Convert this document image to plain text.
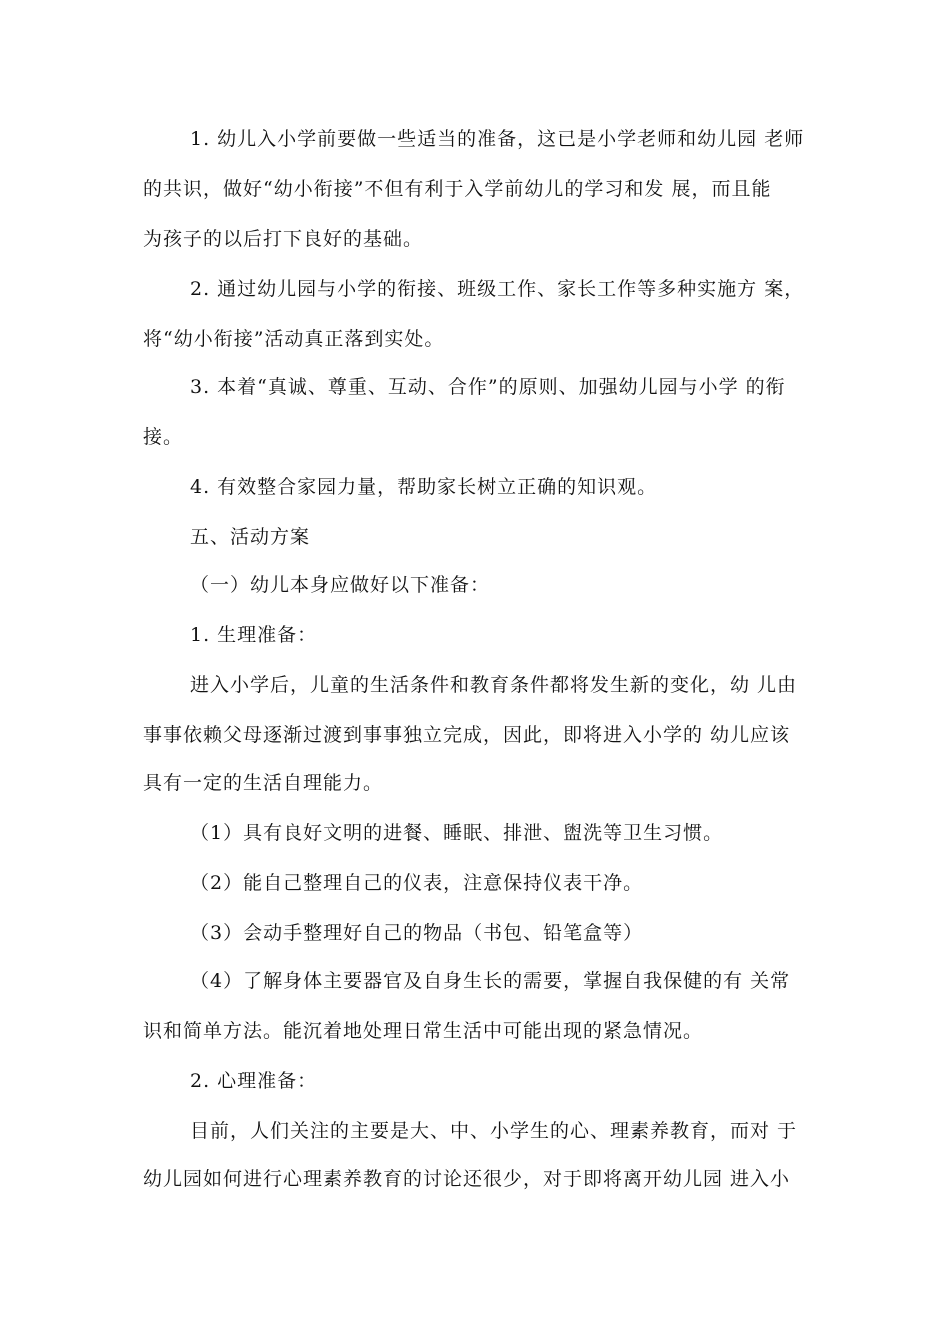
1. 幼儿入小学前要做一些适当的准备，这已是小学老师和幼儿园 老师
的共识，做好“幼小衔接”不但有利于入学前幼儿的学习和发 展，而且能
为孩子的以后打下良好的基础。
2. 通过幼儿园与小学的衔接、班级工作、家长工作等多种实施方 案，
将“幼小衔接”活动真正落到实处。
3. 本着“真诚、尊重、互动、合作”的原则、加强幼儿园与小学 的衔
接。
4. 有效整合家园力量，帮助家长树立正确的知识观。
五、活动方案
（一）幼儿本身应做好以下准备：
1. 生理准备：
进入小学后，儿童的生活条件和教育条件都将发生新的变化，幼 儿由
事事依赖父母逐渐过渡到事事独立完成，因此，即将进入小学的 幼儿应该
具有一定的生活自理能力。
（1）具有良好文明的进餐、睡眠、排泄、盥洗等卫生习惯。
（2）能自己整理自己的仪表，注意保持仪表干净。
（3）会动手整理好自己的物品（书包、铅笔盒等）
（4）了解身体主要器官及自身生长的需要，掌握自我保健的有 关常
识和简单方法。能沉着地处理日常生活中可能出现的紧急情况。
2. 心理准备：
目前，人们关注的主要是大、中、小学生的心、理素养教育，而对 于
幼儿园如何进行心理素养教育的讨论还很少，对于即将离开幼儿园 进入小
